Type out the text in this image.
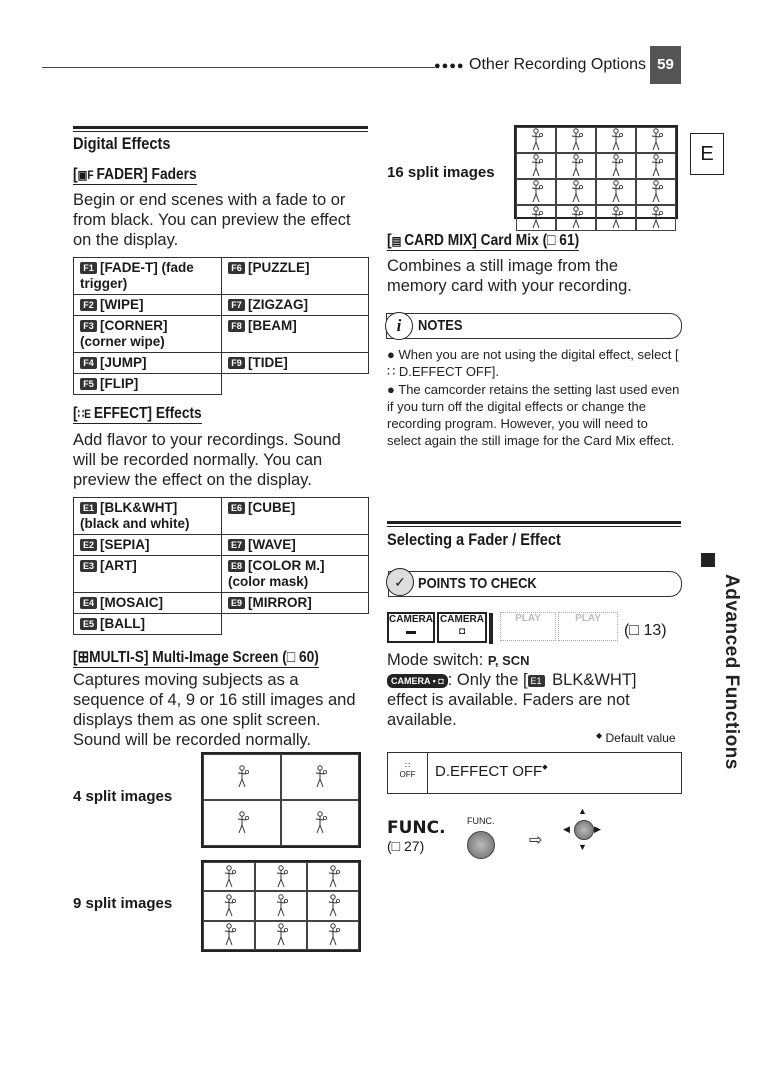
●●●● Other Recording Options 59
E
Advanced Functions
Digital Effects
[▣F FADER] Faders
Begin or end scenes with a fade to or from black. You can preview the effect on the display.
F1 [FADE-T] (fade trigger)	F6 [PUZZLE]
F2 [WIPE]	F7 [ZIGZAG]
F3 [CORNER] (corner wipe)	F8 [BEAM]
F4 [JUMP]	F9 [TIDE]
F5 [FLIP]	
[∷E EFFECT] Effects
Add flavor to your recordings. Sound will be recorded normally. You can preview the effect on the display.
E1 [BLK&WHT] (black and white)	E6 [CUBE]
E2 [SEPIA]	E7 [WAVE]
E3 [ART]	E8 [COLOR M.] (color mask)
E4 [MOSAIC]	E9 [MIRROR]
E5 [BALL]	
[⊞MULTI-S] Multi-Image Screen (□ 60)
Captures moving subjects as a sequence of 4, 9 or 16 still images and displays them as one split screen. Sound will be recorded normally.
4 split images
9 split images
16 split images
[▤ CARD MIX] Card Mix (□ 61)
Combines a still image from the memory card with your recording.
i	NOTES
● When you are not using the digital effect, select [ ∷ D.EFFECT OFF].
● The camcorder retains the setting last used even if you turn off the digital effects or change the recording program. However, you will need to select again the still image for the Card Mix effect.
Selecting a Fader / Effect
✓ POINTS TO CHECK
CAMERA
▬
CAMERA
◘
PLAY	PLAY
(□ 13)
Mode switch: P, SCN
CAMERA • ◘ : Only the [ E1 BLK&WHT] effect is available. Faders are not available.
◆ Default value
∷
OFF	D.EFFECT OFF◆
FUNC.
(□ 27)
FUNC.
⇨
▲
▼
◀	▶
